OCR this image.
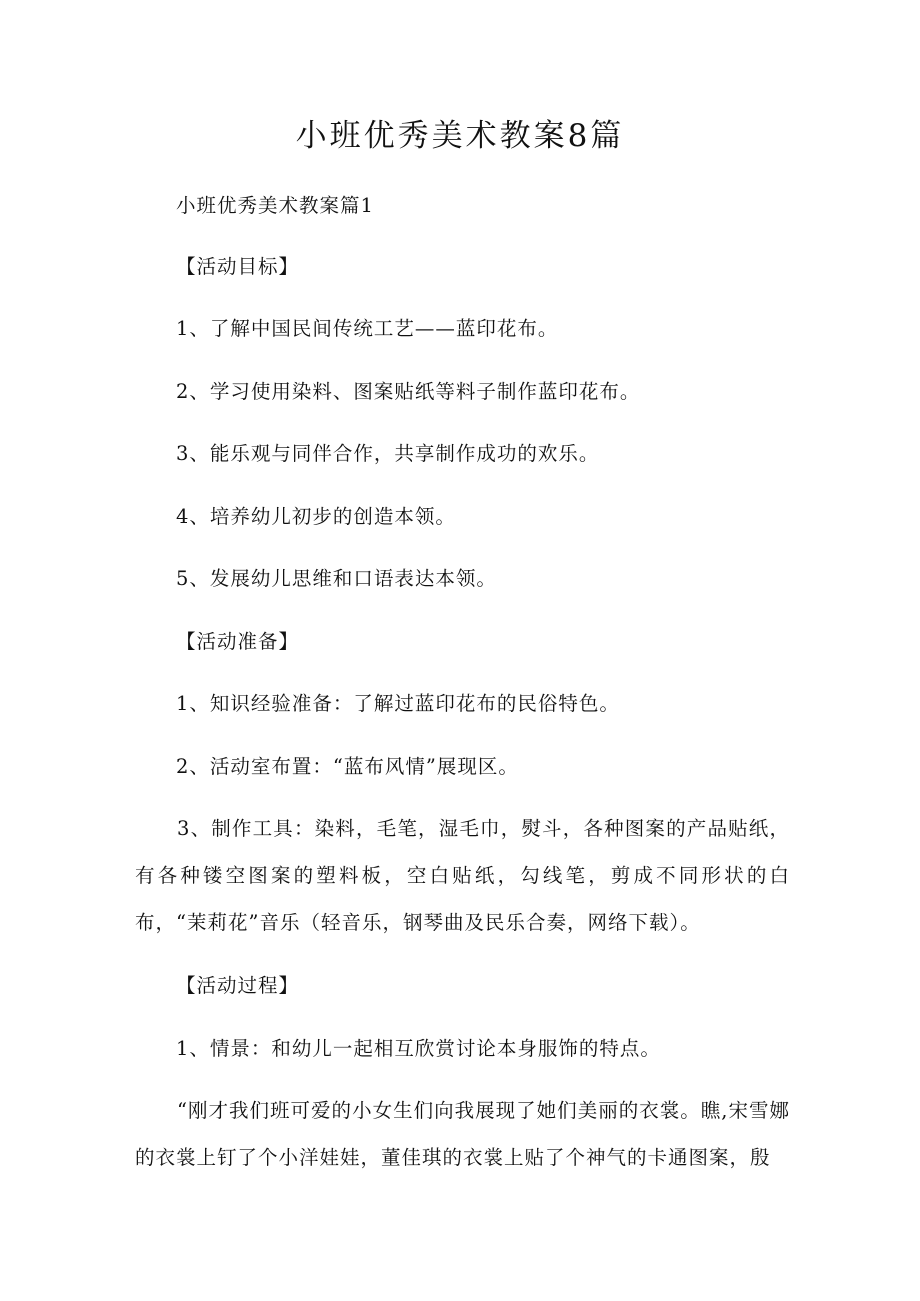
小班优秀美术教案8篇
小班优秀美术教案篇1
【活动目标】
1、了解中国民间传统工艺——蓝印花布。
2、学习使用染料、图案贴纸等料子制作蓝印花布。
3、能乐观与同伴合作，共享制作成功的欢乐。
4、培养幼儿初步的创造本领。
5、发展幼儿思维和口语表达本领。
【活动准备】
1、知识经验准备：了解过蓝印花布的民俗特色。
2、活动室布置：“蓝布风情”展现区。
3、制作工具：染料，毛笔，湿毛巾，熨斗，各种图案的产品贴纸，有各种镂空图案的塑料板，空白贴纸，勾线笔，剪成不同形状的白布，“茉莉花”音乐（轻音乐，钢琴曲及民乐合奏，网络下载）。
【活动过程】
1、情景：和幼儿一起相互欣赏讨论本身服饰的特点。
“刚才我们班可爱的小女生们向我展现了她们美丽的衣裳。瞧,宋雪娜的衣裳上钉了个小洋娃娃，董佳琪的衣裳上贴了个神气的卡通图案，殷
